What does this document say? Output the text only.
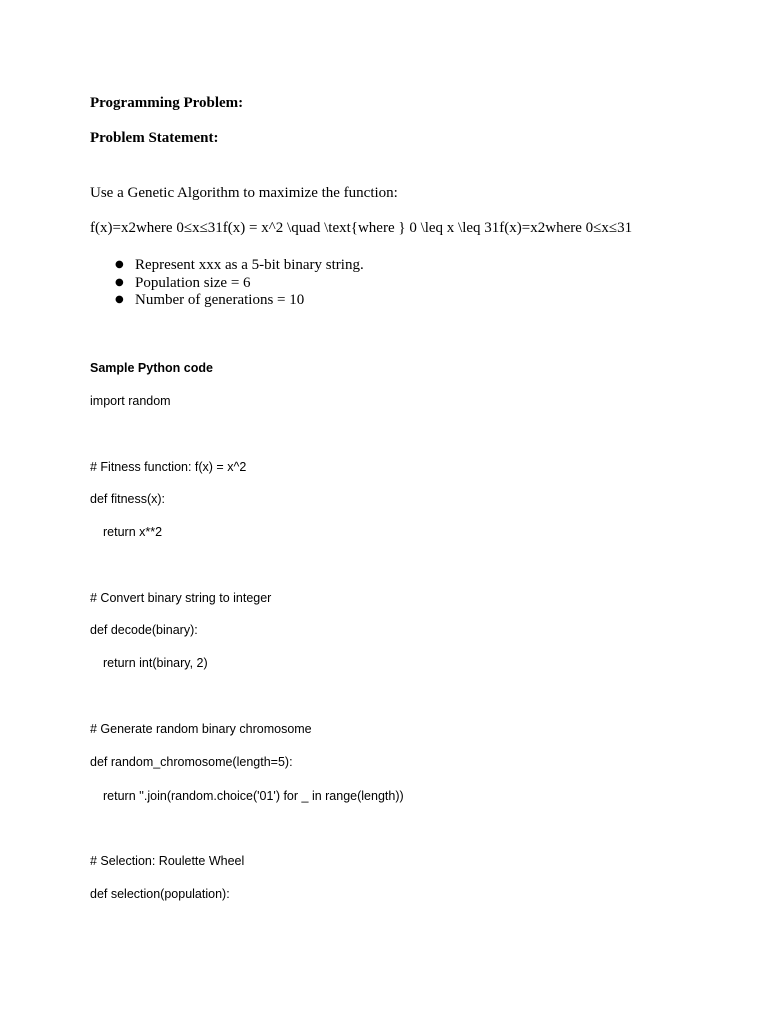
Programming Problem:
Problem Statement:
Use a Genetic Algorithm to maximize the function:
f(x)=x2where 0≤x≤31f(x) = x^2 \quad \text{where } 0 \leq x \leq 31f(x)=x2where 0≤x≤31
● Represent xxx as a 5-bit binary string.
● Population size = 6
● Number of generations = 10
Sample Python code
import random
# Fitness function: f(x) = x^2
def fitness(x):
return x**2
# Convert binary string to integer
def decode(binary):
return int(binary, 2)
# Generate random binary chromosome
def random_chromosome(length=5):
return ''.join(random.choice('01') for _ in range(length))
# Selection: Roulette Wheel
def selection(population):
